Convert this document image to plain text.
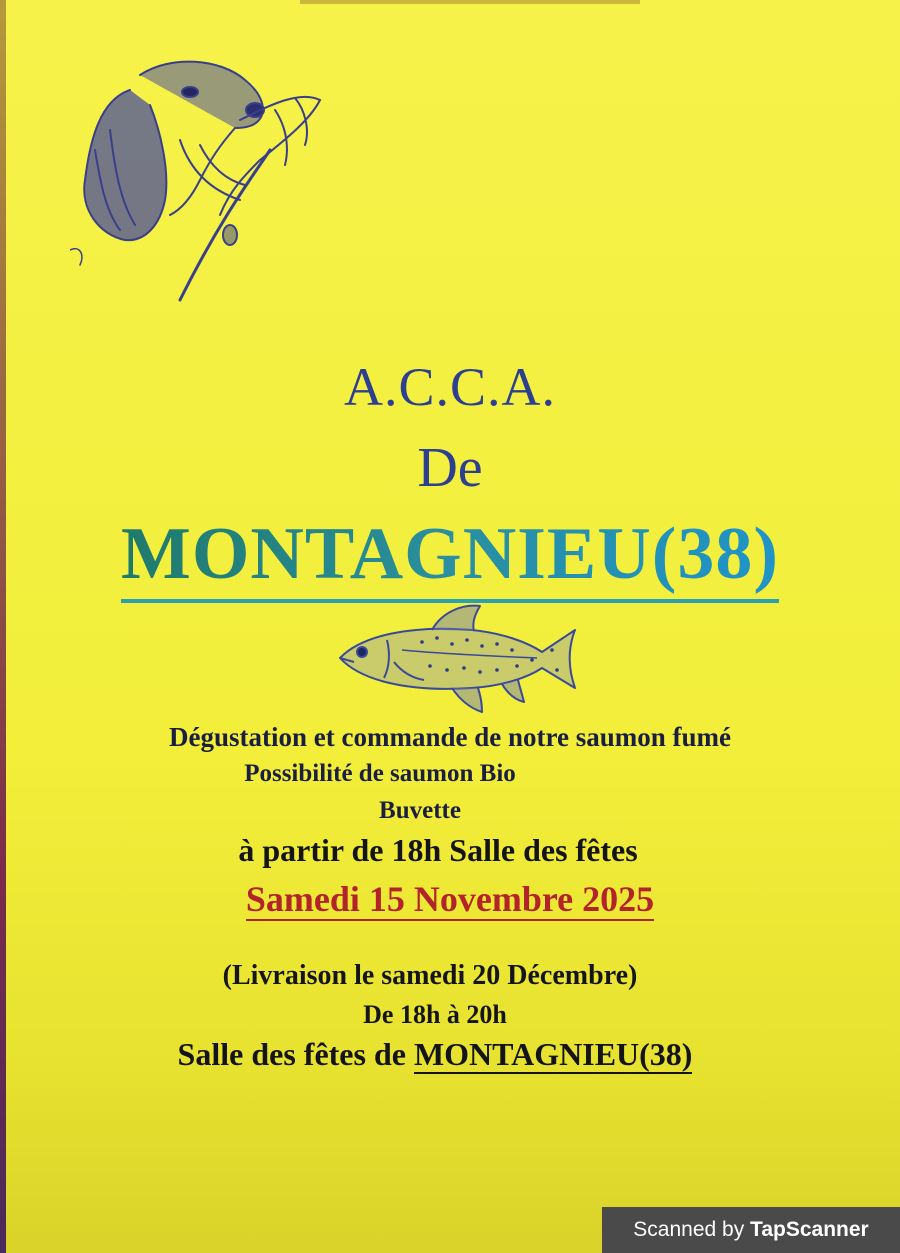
A.C.C.A.
De
MONTAGNIEU(38)
Dégustation et commande de notre saumon fumé
Possibilité de saumon Bio
Buvette
à partir de 18h Salle des fêtes
Samedi 15 Novembre 2025
(Livraison le samedi 20 Décembre)
De 18h à 20h
Salle des fêtes de MONTAGNIEU(38)
Scanned by TapScanner
